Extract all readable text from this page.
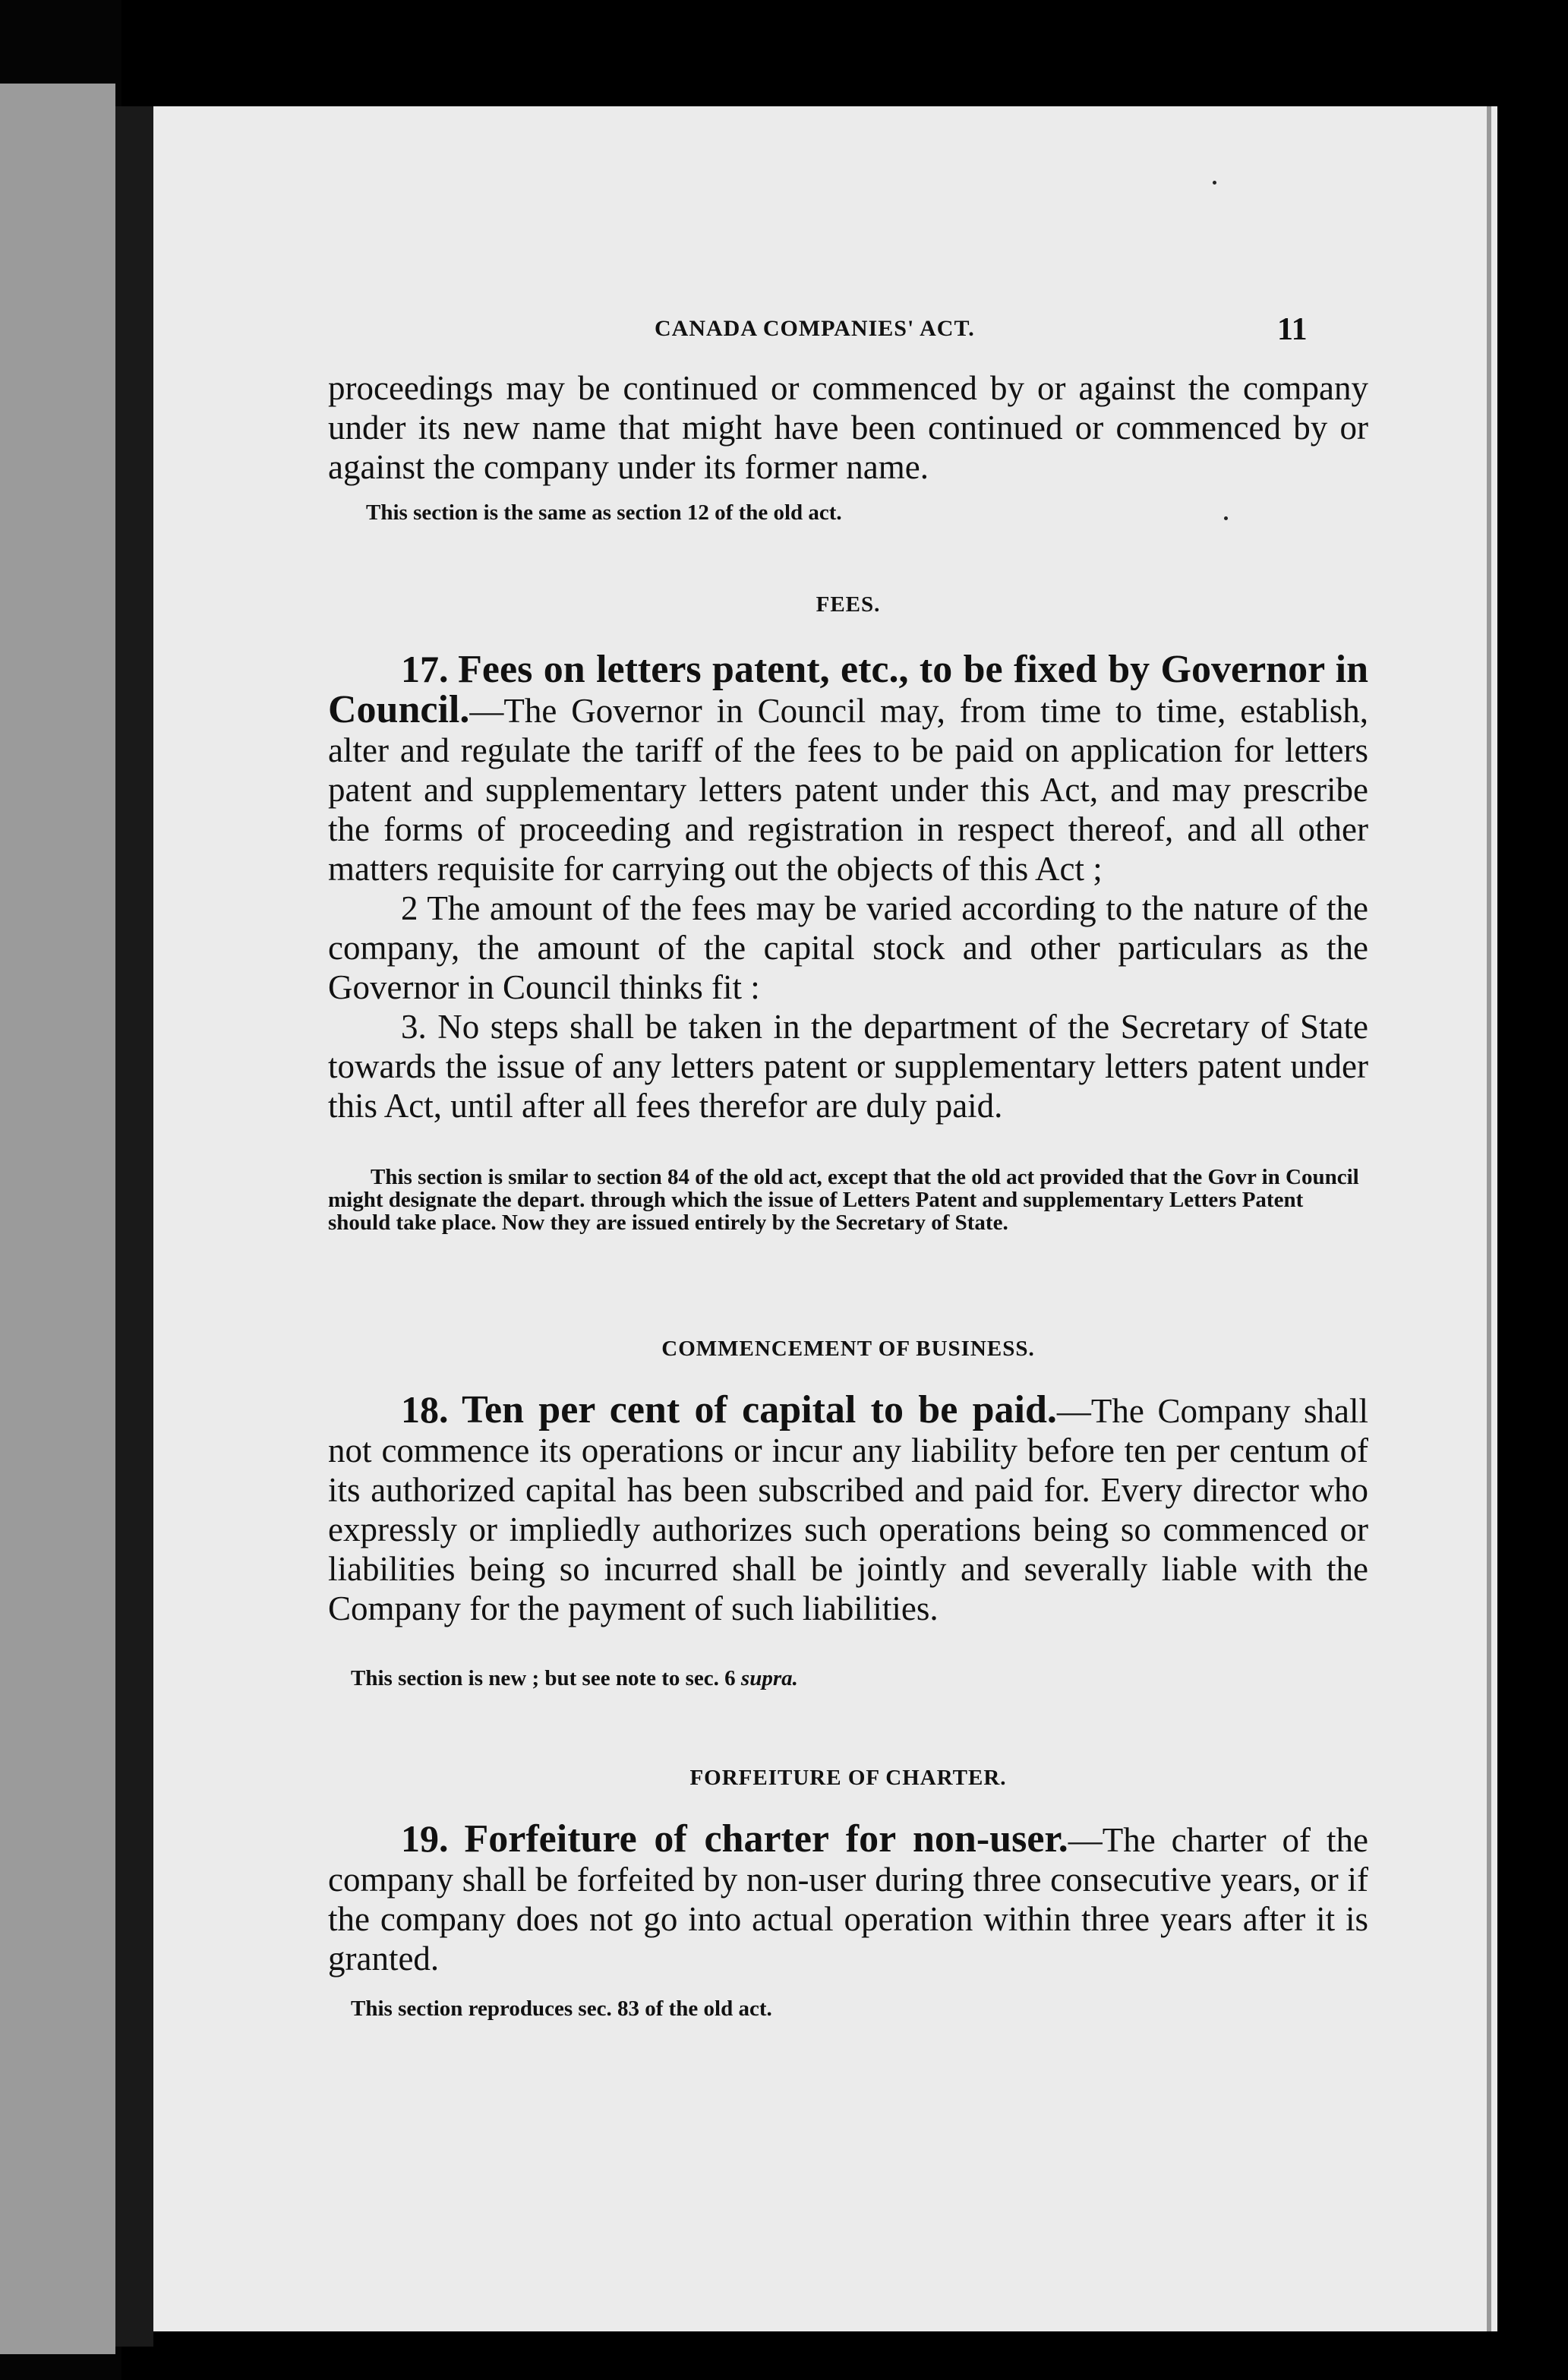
CANADA COMPANIES' ACT.	11

proceedings may be continued or commenced by or against the company under its new name that might have been continued or commenced by or against the company under its former name.

This section is the same as section 12 of the old act.

FEES.

17. Fees on letters patent, etc., to be fixed by Governor in Council.—The Governor in Council may, from time to time, establish, alter and regulate the tariff of the fees to be paid on application for letters patent and supplementary letters patent under this Act, and may prescribe the forms of proceeding and registration in respect thereof, and all other matters requisite for carrying out the objects of this Act ;

2 The amount of the fees may be varied according to the nature of the company, the amount of the capital stock and other particulars as the Governor in Council thinks fit :

3. No steps shall be taken in the department of the Secretary of State towards the issue of any letters patent or supplementary letters patent under this Act, until after all fees therefor are duly paid.

This section is smilar to section 84 of the old act, except that the old act provided that the Govr in Council might designate the depart. through which the issue of Letters Patent and supplementary Letters Patent should take place. Now they are issued entirely by the Secretary of State.

COMMENCEMENT OF BUSINESS.

18. Ten per cent of capital to be paid.—The Company shall not commence its operations or incur any liability before ten per centum of its authorized capital has been subscribed and paid for. Every director who expressly or impliedly authorizes such operations being so commenced or liabilities being so incurred shall be jointly and severally liable with the Company for the payment of such liabilities.

This section is new ; but see note to sec. 6 supra.

FORFEITURE OF CHARTER.

19. Forfeiture of charter for non-user.—The charter of the company shall be forfeited by non-user during three consecutive years, or if the company does not go into actual operation within three years after it is granted.

This section reproduces sec. 83 of the old act.
